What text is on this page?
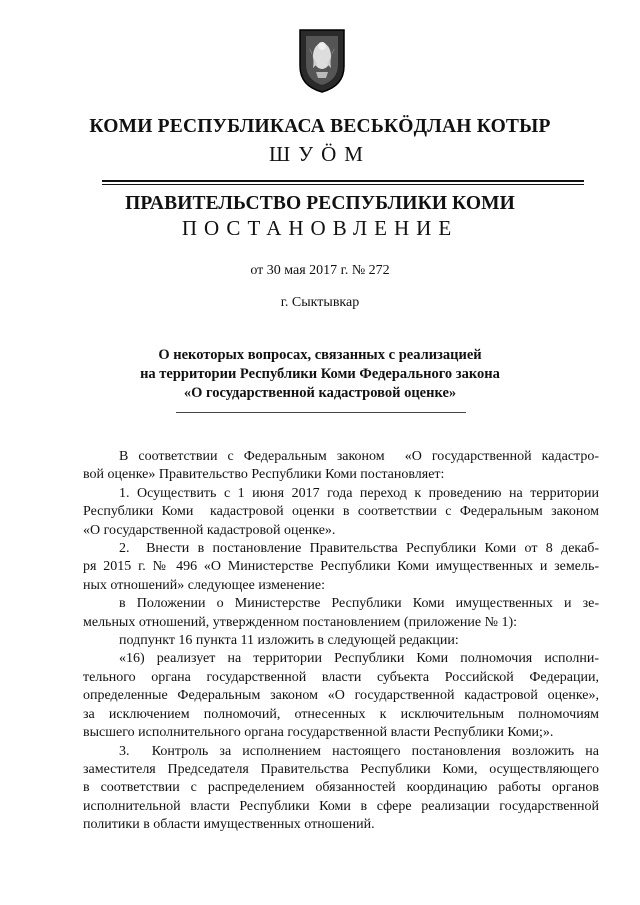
КОМИ РЕСПУБЛИКАСА ВЕСЬКӦДЛАН КОТЫР
ШУӦМ
ПРАВИТЕЛЬСТВО РЕСПУБЛИКИ КОМИ
ПОСТАНОВЛЕНИЕ
от 30 мая 2017 г. № 272
г. Сыктывкар
О некоторых вопросах, связанных с реализацией
на территории Республики Коми Федерального закона
«О государственной кадастровой оценке»
В соответствии с Федеральным законом  «О государственной кадастро-
вой оценке» Правительство Республики Коми постановляет:
1. Осуществить с 1 июня 2017 года переход к проведению на территории
Республики Коми  кадастровой оценки в соответствии с Федеральным законом
«О государственной кадастровой оценке».
2.  Внести в постановление Правительства Республики Коми от 8 декаб-
ря 2015 г. № 496 «О Министерстве Республики Коми имущественных и земель-
ных отношений» следующее изменение:
в Положении о Министерстве Республики Коми имущественных и зе-
мельных отношений, утвержденном постановлением (приложение № 1):
подпункт 16 пункта 11 изложить в следующей редакции:
«16) реализует на территории Республики Коми полномочия исполни-
тельного органа государственной власти субъекта Российской Федерации,
определенные Федеральным законом «О государственной кадастровой оценке»,
за исключением полномочий, отнесенных к исключительным полномочиям
высшего исполнительного органа государственной власти Республики Коми;».
3.  Контроль за исполнением настоящего постановления возложить на
заместителя Председателя Правительства Республики Коми, осуществляющего
в соответствии с распределением обязанностей координацию работы органов
исполнительной власти Республики Коми в сфере реализации государственной
политики в области имущественных отношений.
